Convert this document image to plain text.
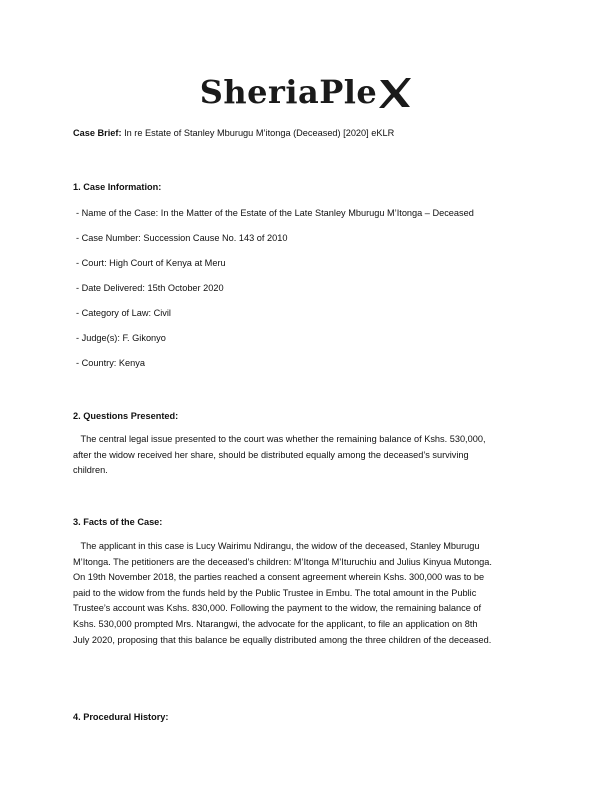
SheriaPle
Case Brief: In re Estate of Stanley Mburugu M’itonga (Deceased) [2020] eKLR
1. Case Information:
- Name of the Case: In the Matter of the Estate of the Late Stanley Mburugu M’Itonga – Deceased
- Case Number: Succession Cause No. 143 of 2010
- Court: High Court of Kenya at Meru
- Date Delivered: 15th October 2020
- Category of Law: Civil
- Judge(s): F. Gikonyo
- Country: Kenya
2. Questions Presented:
The central legal issue presented to the court was whether the remaining balance of Kshs. 530,000,
after the widow received her share, should be distributed equally among the deceased’s surviving
children.
3. Facts of the Case:
The applicant in this case is Lucy Wairimu Ndirangu, the widow of the deceased, Stanley Mburugu
M’Itonga. The petitioners are the deceased’s children: M’Itonga M’Ituruchiu and Julius Kinyua Mutonga.
On 19th November 2018, the parties reached a consent agreement wherein Kshs. 300,000 was to be
paid to the widow from the funds held by the Public Trustee in Embu. The total amount in the Public
Trustee’s account was Kshs. 830,000. Following the payment to the widow, the remaining balance of
Kshs. 530,000 prompted Mrs. Ntarangwi, the advocate for the applicant, to file an application on 8th
July 2020, proposing that this balance be equally distributed among the three children of the deceased.
4. Procedural History:
